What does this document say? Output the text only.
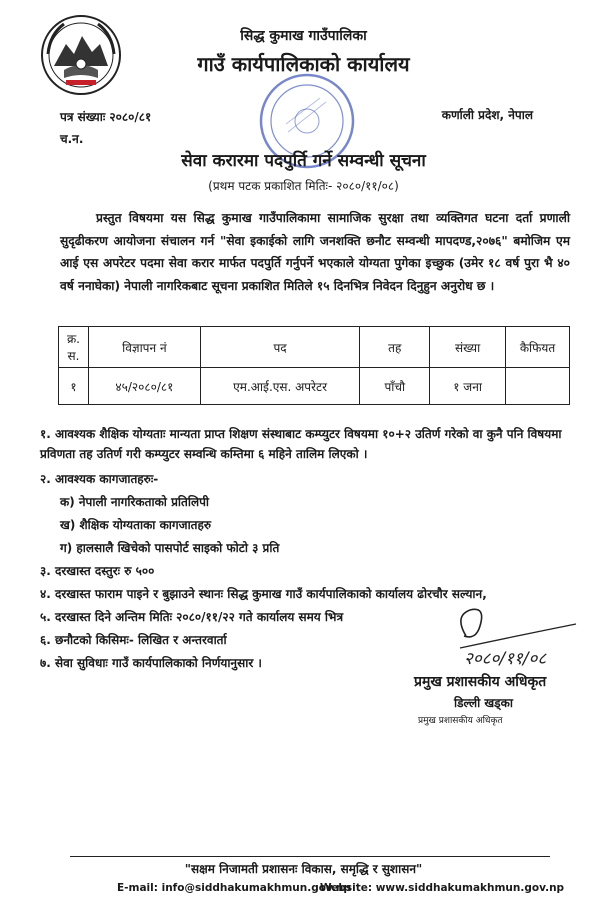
सिद्ध कुमाख गाउँपालिका
गाउँ कार्यपालिकाको कार्यालय
पत्र संख्याः २०८०/८१
च.न.
कर्णाली प्रदेश, नेपाल
सेवा करारमा पदपुर्ति गर्ने सम्वन्धी सूचना
(प्रथम पटक प्रकाशित मितिः- २०८०/११/०८)
प्रस्तुत विषयमा यस सिद्ध कुमाख गाउँपालिकामा सामाजिक सुरक्षा तथा व्यक्तिगत घटना दर्ता प्रणाली सुदृढीकरण आयोजना संचालन गर्न "सेवा इकाईको लागि जनशक्ति छनौट सम्वन्धी मापदण्ड,२०७६" बमोजिम एम आई एस अपरेटर पदमा सेवा करार मार्फत पदपुर्ति गर्नुपर्ने भएकाले योग्यता पुगेका इच्छुक (उमेर १८ वर्ष पुरा भै ४० वर्ष ननाघेका) नेपाली नागरिकबाट सूचना प्रकाशित मितिले १५ दिनभित्र निवेदन दिनुहुन अनुरोध छ ।
क्र. स.	विज्ञापन नं	पद	तह	संख्या	कैफियत
१	४५/२०८०/८१	एम.आई.एस. अपरेटर	पाँचौ	१ जना	
१. आवश्यक शैक्षिक योग्यताः मान्यता प्राप्त शिक्षण संस्थाबाट कम्प्युटर विषयमा १०+२ उतिर्ण गरेको वा कुनै पनि विषयमा प्रविणता तह उतिर्ण गरी कम्प्युटर सम्वन्धि कम्तिमा ६ महिने तालिम लिएको ।
२. आवश्यक कागजातहरुः-
क) नेपाली नागरिकताको प्रतिलिपी
ख) शैक्षिक योग्यताका कागजातहरु
ग) हालसालै खिचेको पासपोर्ट साइको फोटो ३ प्रति
३. दरखास्त दस्तुरः रु ५००
४. दरखास्त फाराम पाइने र बुझाउने स्थानः सिद्ध कुमाख गाउँ कार्यपालिकाको कार्यालय ढोरचौर सल्यान,
५. दरखास्त दिने अन्तिम मितिः २०८०/११/२२ गते कार्यालय समय भित्र
६. छनौटको किसिमः- लिखित र अन्तरवार्ता
७. सेवा सुविधाः गाउँ कार्यपालिकाको निर्णयानुसार ।	२०८०/११/०८
प्रमुख प्रशासकीय अधिकृत
डिल्ली खड्का
प्रमुख प्रशासकीय अधिकृत
"सक्षम निजामती प्रशासनः विकास, समृद्धि र सुशासन"
E-mail: info@siddhakumakhmun.gov.np
Website: www.siddhakumakhmun.gov.np
